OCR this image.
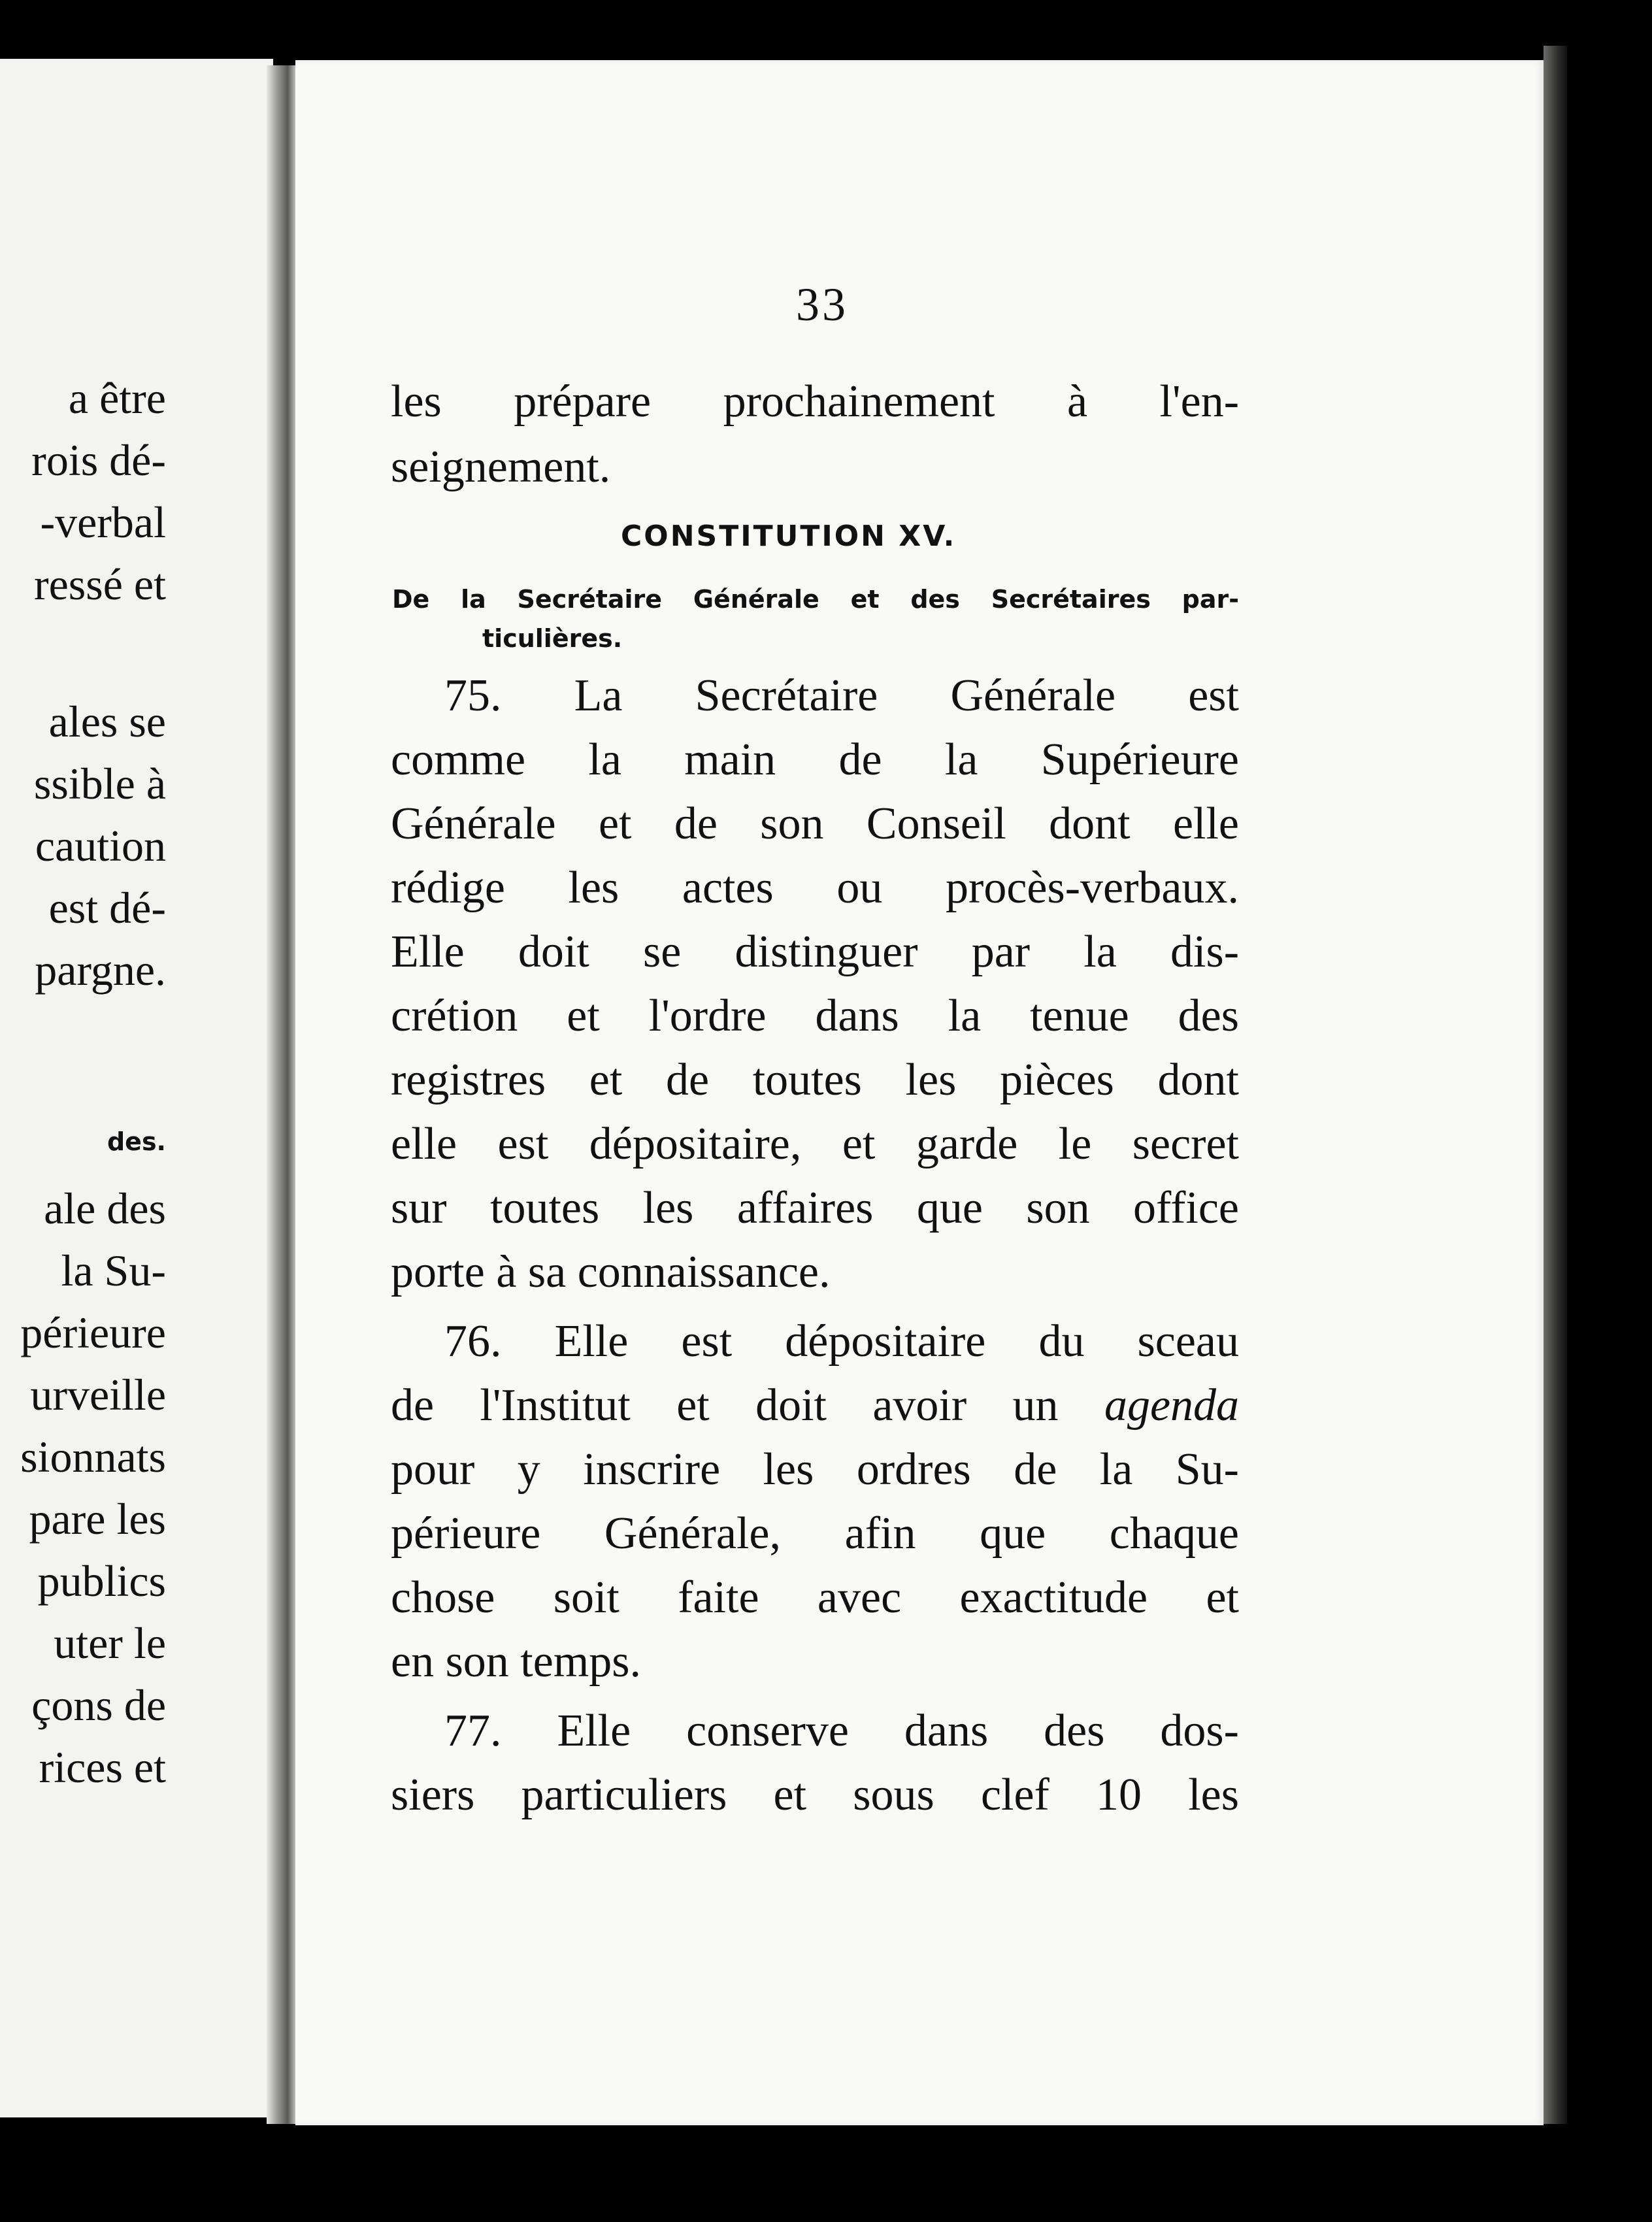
a être
rois dé-
-verbal
ressé et
ales se
ssible à
caution
est dé-
pargne.
des.
ale des
la Su-
périeure
urveille
sionnats
pare les
publics
uter le
çons de
rices et
33
les prépare prochainement à l'en-
seignement.
CONSTITUTION XV.
De la Secrétaire Générale et des Secrétaires par-
ticulières.
75. La Secrétaire Générale est
comme la main de la Supérieure
Générale et de son Conseil dont elle
rédige les actes ou procès-verbaux.
Elle doit se distinguer par la dis-
crétion et l'ordre dans la tenue des
registres et de toutes les pièces dont
elle est dépositaire, et garde le secret
sur toutes les affaires que son office
porte à sa connaissance.
76. Elle est dépositaire du sceau
de l'Institut et doit avoir un agenda
pour y inscrire les ordres de la Su-
périeure Générale, afin que chaque
chose soit faite avec exactitude et
en son temps.
77. Elle conserve dans des dos-
siers particuliers et sous clef 10 les
